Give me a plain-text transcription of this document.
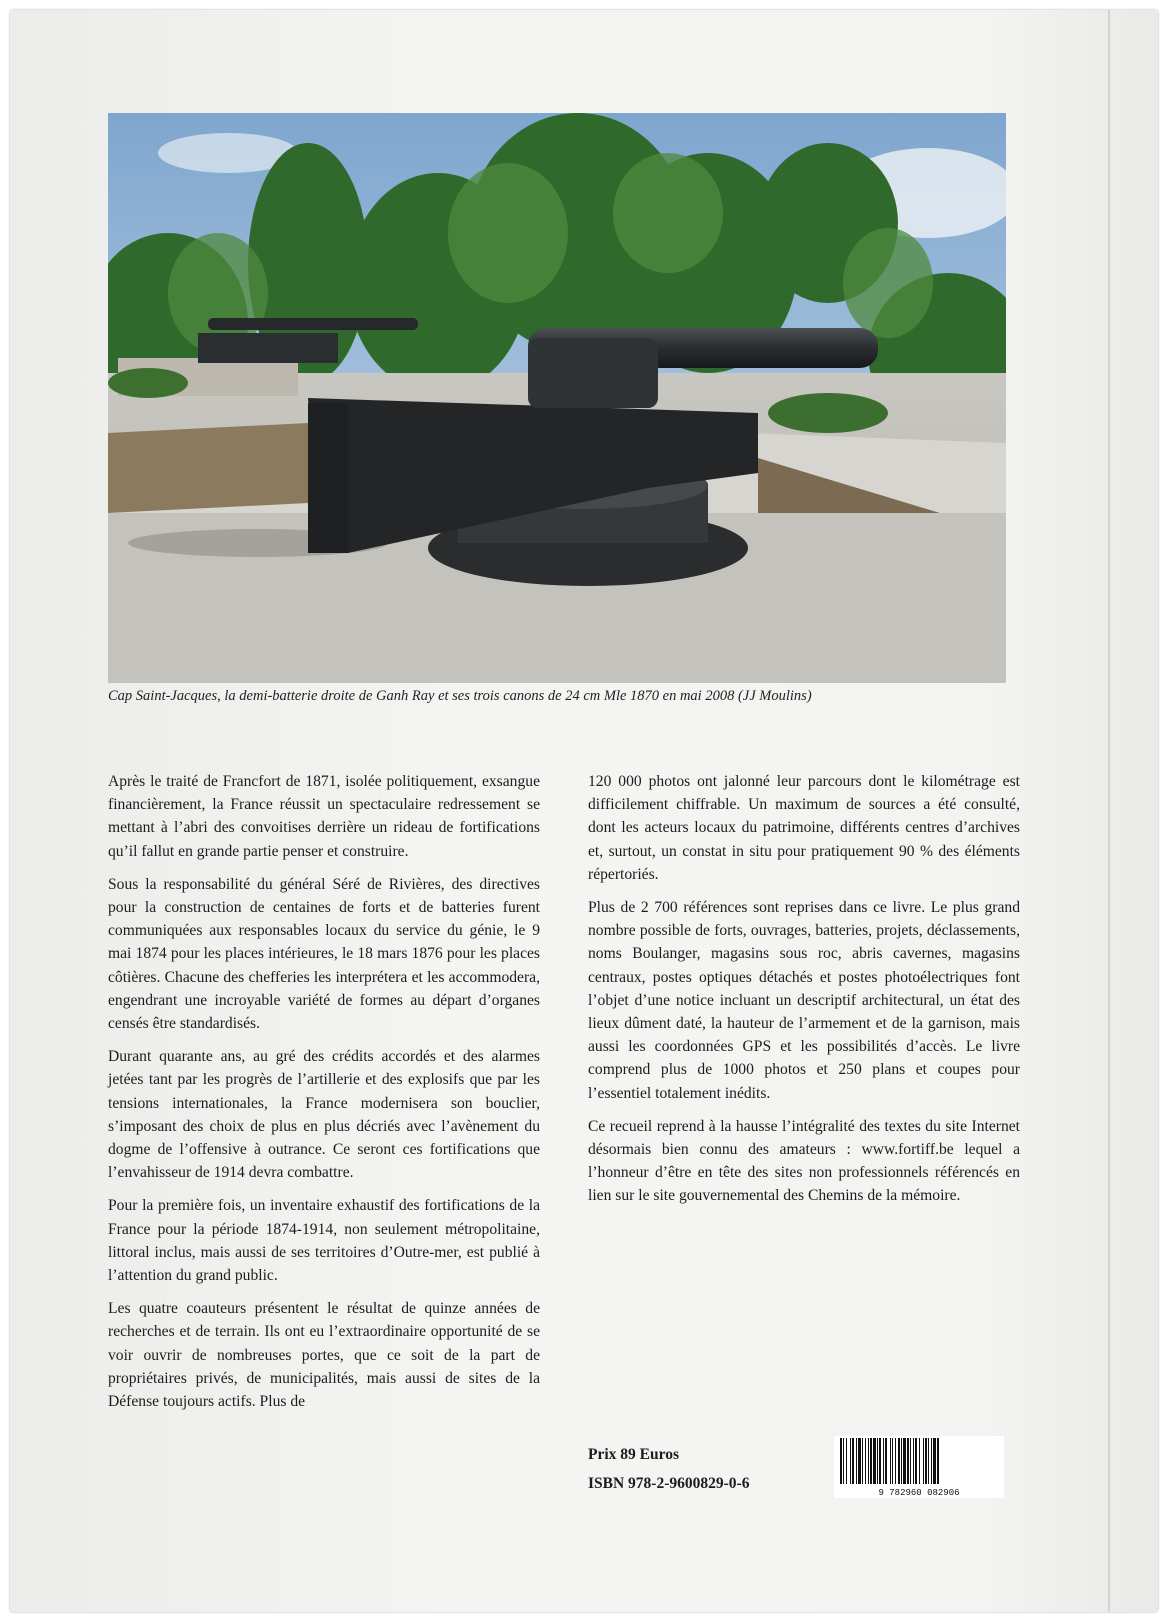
Cap Saint-Jacques, la demi-batterie droite de Ganh Ray et ses trois canons de 24 cm Mle 1870 en mai 2008 (JJ Moulins)

Après le traité de Francfort de 1871, isolée politiquement, exsangue financièrement, la France réussit un spectaculaire redressement se mettant à l’abri des convoitises derrière un rideau de fortifications qu’il fallut en grande partie penser et construire.

Sous la responsabilité du général Séré de Rivières, des directives pour la construction de centaines de forts et de batteries furent communiquées aux responsables locaux du service du génie, le 9 mai 1874 pour les places intérieures, le 18 mars 1876 pour les places côtières. Chacune des chefferies les interprétera et les accommodera, engendrant une incroyable variété de formes au départ d’organes censés être standardisés.

Durant quarante ans, au gré des crédits accordés et des alarmes jetées tant par les progrès de l’artillerie et des explosifs que par les tensions internationales, la France modernisera son bouclier, s’imposant des choix de plus en plus décriés avec l’avènement du dogme de l’offensive à outrance. Ce seront ces fortifications que l’envahisseur de 1914 devra combattre.

Pour la première fois, un inventaire exhaustif des fortifications de la France pour la période 1874-1914, non seulement métropolitaine, littoral inclus, mais aussi de ses territoires d’Outre-mer, est publié à l’attention du grand public.

Les quatre coauteurs présentent le résultat de quinze années de recherches et de terrain. Ils ont eu l’extraordinaire opportunité de se voir ouvrir de nombreuses portes, que ce soit de la part de propriétaires privés, de municipalités, mais aussi de sites de la Défense toujours actifs. Plus de

120 000 photos ont jalonné leur parcours dont le kilométrage est difficilement chiffrable. Un maximum de sources a été consulté, dont les acteurs locaux du patrimoine, différents centres d’archives et, surtout, un constat in situ pour pratiquement 90 % des éléments répertoriés.

Plus de 2 700 références sont reprises dans ce livre. Le plus grand nombre possible de forts, ouvrages, batteries, projets, déclassements, noms Boulanger, magasins sous roc, abris cavernes, magasins centraux, postes optiques détachés et postes photoélectriques font l’objet d’une notice incluant un descriptif architectural, un état des lieux dûment daté, la hauteur de l’armement et de la garnison, mais aussi les coordonnées GPS et les possibilités d’accès. Le livre comprend plus de 1000 photos et 250 plans et coupes pour l’essentiel totalement inédits.

Ce recueil reprend à la hausse l’intégralité des textes du site Internet désormais bien connu des amateurs : www.fortiff.be lequel a l’honneur d’être en tête des sites non professionnels référencés en lien sur le site gouvernemental des Chemins de la mémoire.

Prix 89 Euros
ISBN 978-2-9600829-0-6
9 782960 082906
